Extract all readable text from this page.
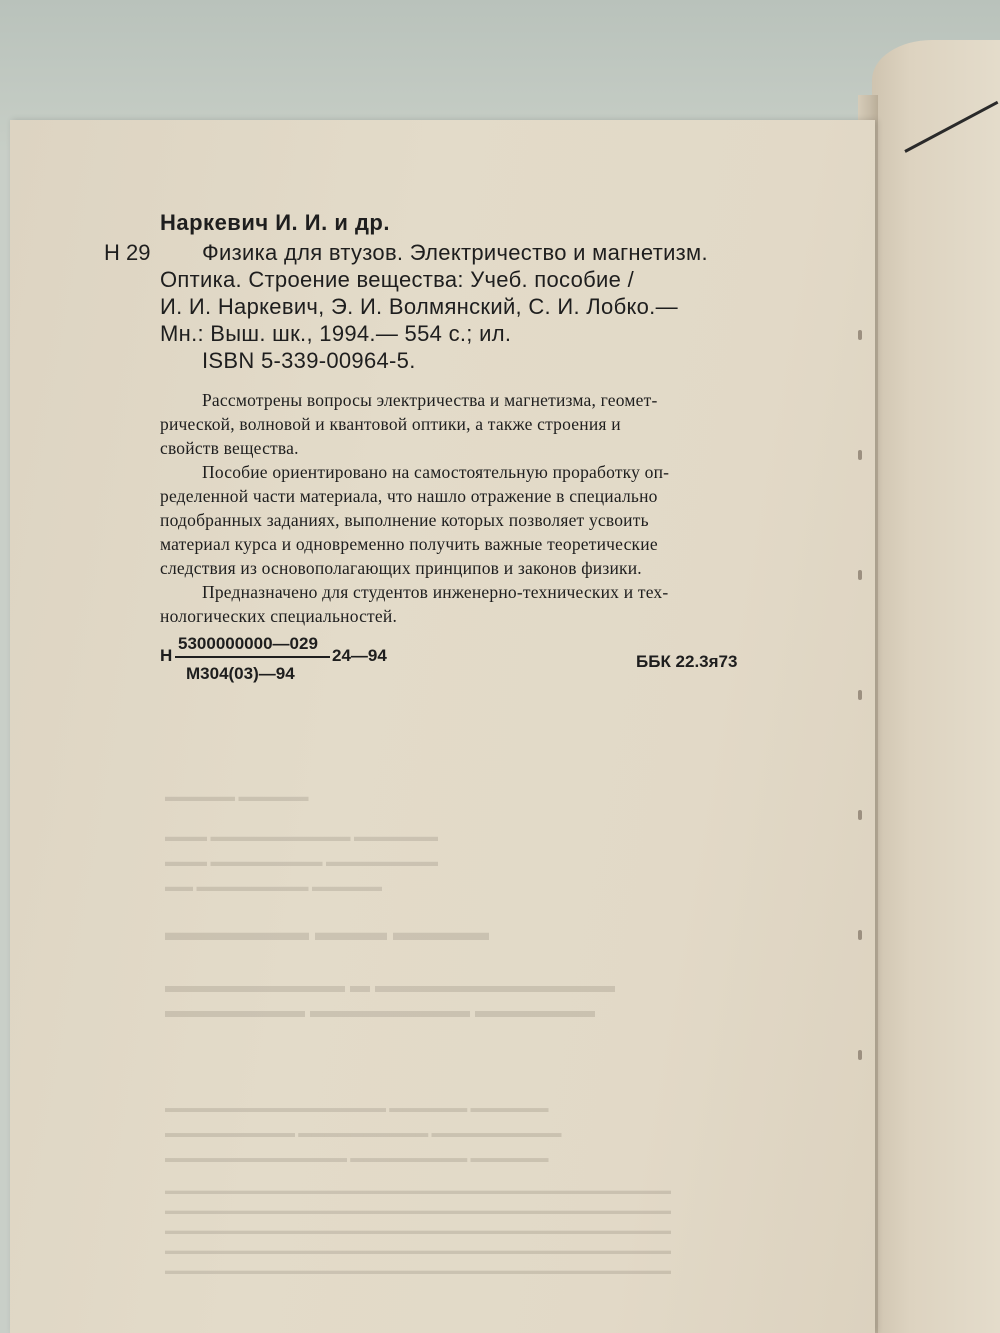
▬▬▬▬ ▬▬▬ ▬▬▬▬▬▬
▬▬▬▬▬▬▬▬▬▬▬▬ ▬ ▬▬▬▬▬▬▬▬▬
▬▬▬▬▬▬ ▬▬▬▬▬▬▬▬ ▬▬▬▬▬▬▬
▬▬▬▬▬ ▬▬▬▬▬
▬▬▬▬▬▬ ▬▬▬▬▬▬▬▬▬▬ ▬▬▬
▬▬▬▬▬▬▬▬ ▬▬▬▬▬▬▬▬ ▬▬▬
▬▬▬▬▬ ▬▬▬▬▬▬▬▬ ▬▬
▬▬▬▬▬▬ ▬▬▬▬▬▬ ▬▬▬▬▬▬▬▬▬▬▬▬▬▬▬▬▬
▬▬▬▬▬▬▬▬▬▬ ▬▬▬▬▬▬▬▬▬▬ ▬▬▬▬▬▬▬▬▬▬
▬▬▬▬▬▬ ▬▬▬▬▬▬▬▬▬ ▬▬▬▬▬▬▬▬▬▬▬▬▬▬
▬▬▬▬▬▬▬▬▬▬▬▬▬▬▬▬▬▬▬▬▬▬▬▬▬▬▬▬▬▬▬▬▬▬▬▬▬▬▬▬▬▬▬▬▬▬
▬▬▬▬▬▬▬▬▬▬▬▬▬▬▬▬▬▬▬▬▬▬▬▬▬▬▬▬▬▬▬▬▬▬▬▬▬▬▬▬▬▬▬▬▬▬
▬▬▬▬▬▬▬▬▬▬▬▬▬▬▬▬▬▬▬▬▬▬▬▬▬▬▬▬▬▬▬▬▬▬▬▬▬▬▬▬▬▬▬▬▬▬
▬▬▬▬▬▬▬▬▬▬▬▬▬▬▬▬▬▬▬▬▬▬▬▬▬▬▬▬▬▬▬▬▬▬▬▬▬▬▬▬▬▬▬▬▬▬
▬▬▬▬▬▬▬▬▬▬▬▬▬▬▬▬▬▬▬▬▬▬▬▬▬▬▬▬▬▬▬▬▬▬▬▬▬▬▬▬▬▬▬▬▬▬
Наркевич И. И. и др.
Н 29 Физика для втузов. Электричество и магнетизм.
Оптика. Строение вещества: Учеб. пособие /
И. И. Наркевич, Э. И. Волмянский, С. И. Лобко.—
Мн.: Выш. шк., 1994.— 554 с.; ил.
ISBN 5-339-00964-5.
Рассмотрены вопросы электричества и магнетизма, геомет-
рической, волновой и квантовой оптики, а также строения и
свойств вещества.
Пособие ориентировано на самостоятельную проработку оп-
ределенной части материала, что нашло отражение в специально
подобранных заданиях, выполнение которых позволяет усвоить
материал курса и одновременно получить важные теоретические
следствия из основополагающих принципов и законов физики.
Предназначено для студентов инженерно-технических и тех-
нологических специальностей.
5300000000—029
Н	24—94
М304(03)—94
ББК 22.3я73
